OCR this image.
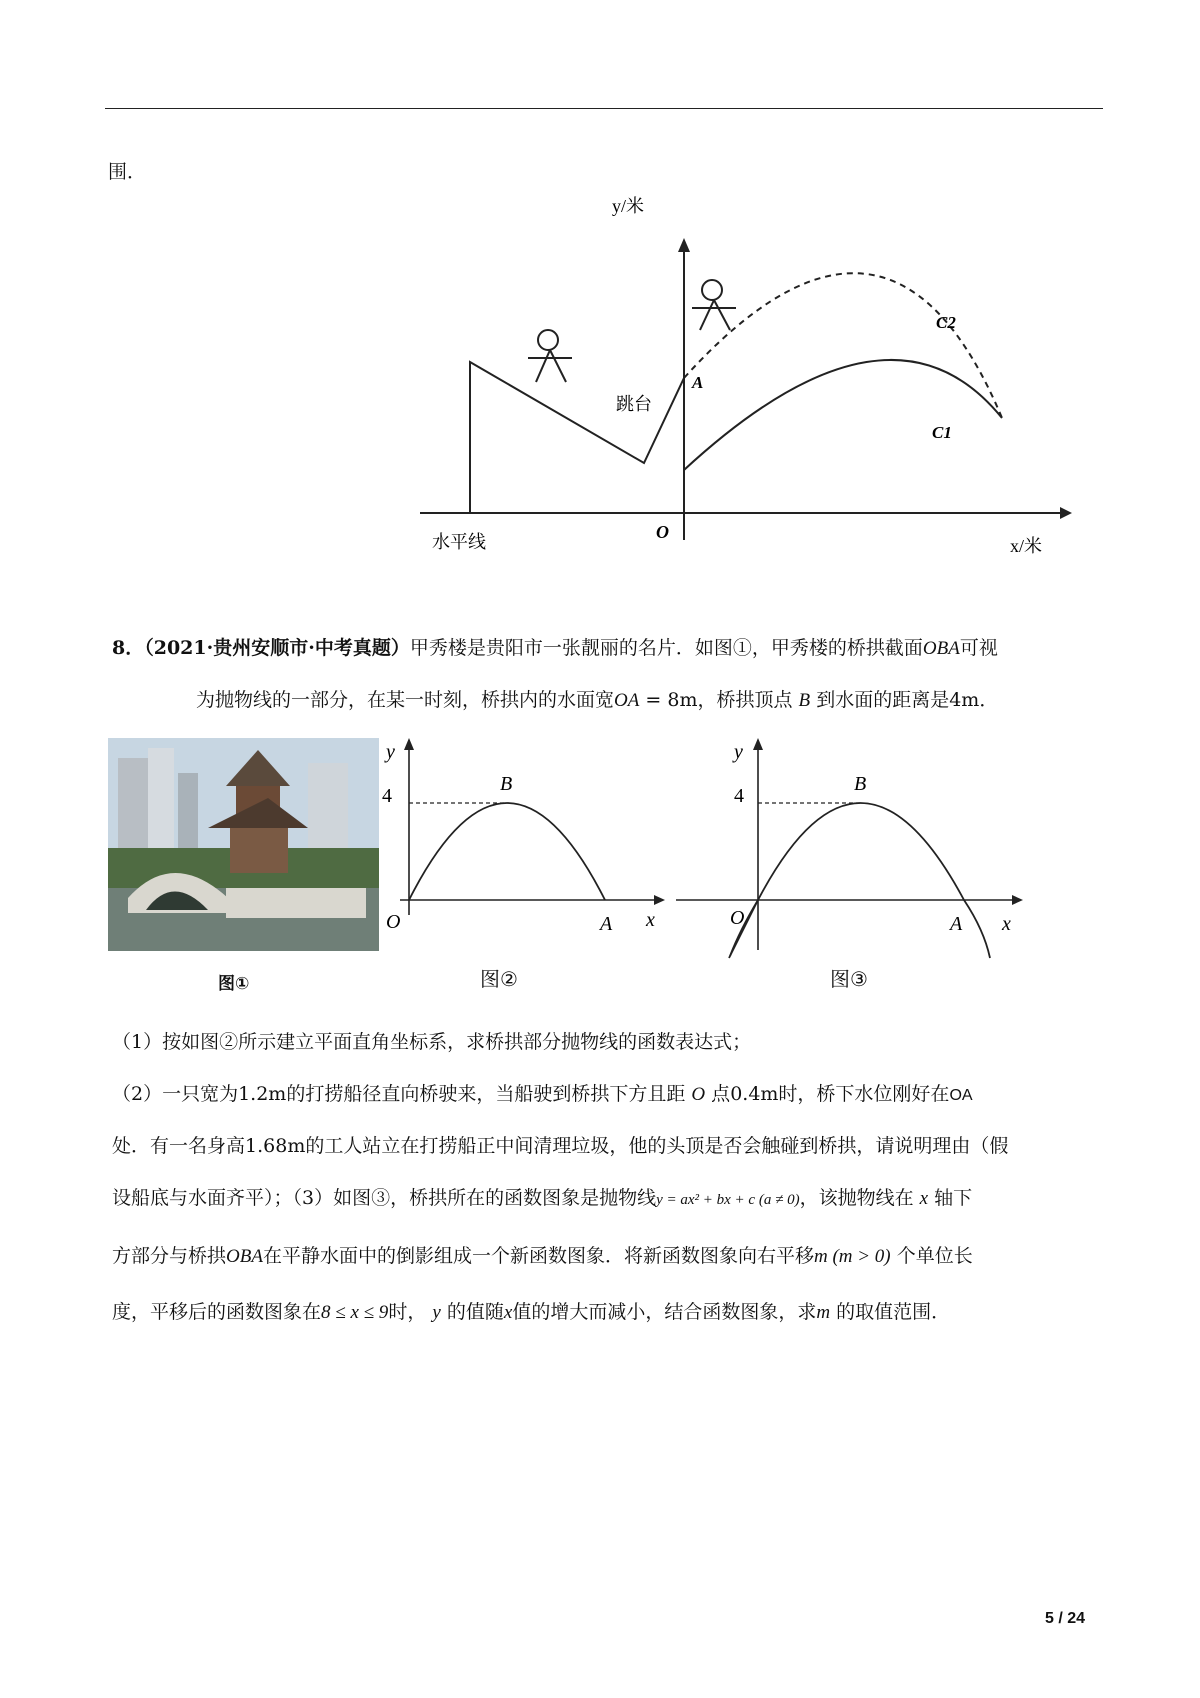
围．
y/米
x/米
O
跳台
A
C1
C2
水平线
8．（2021·贵州安顺市·中考真题）甲秀楼是贵阳市一张靓丽的名片．如图①，甲秀楼的桥拱截面OBA可视
为抛物线的一部分，在某一时刻，桥拱内的水面宽OA = 8m，桥拱顶点 B 到水面的距离是4m．
图①
4
y
B
O	A x
图②
4
y
B
O	A x
图③
（1）按如图②所示建立平面直角坐标系，求桥拱部分抛物线的函数表达式；
（2）一只宽为1.2m的打捞船径直向桥驶来，当船驶到桥拱下方且距 O 点0.4m时，桥下水位刚好在OA
处．有一名身高1.68m的工人站立在打捞船正中间清理垃圾，他的头顶是否会触碰到桥拱，请说明理由（假
设船底与水面齐平）；（3）如图③，桥拱所在的函数图象是抛物线y = ax² + bx + c (a ≠ 0)，该抛物线在 x 轴下
方部分与桥拱OBA在平静水面中的倒影组成一个新函数图象．将新函数图象向右平移m (m > 0) 个单位长
度，平移后的函数图象在8 ≤ x ≤ 9时， y 的值随x值的增大而减小，结合函数图象，求m 的取值范围．
5 / 24
